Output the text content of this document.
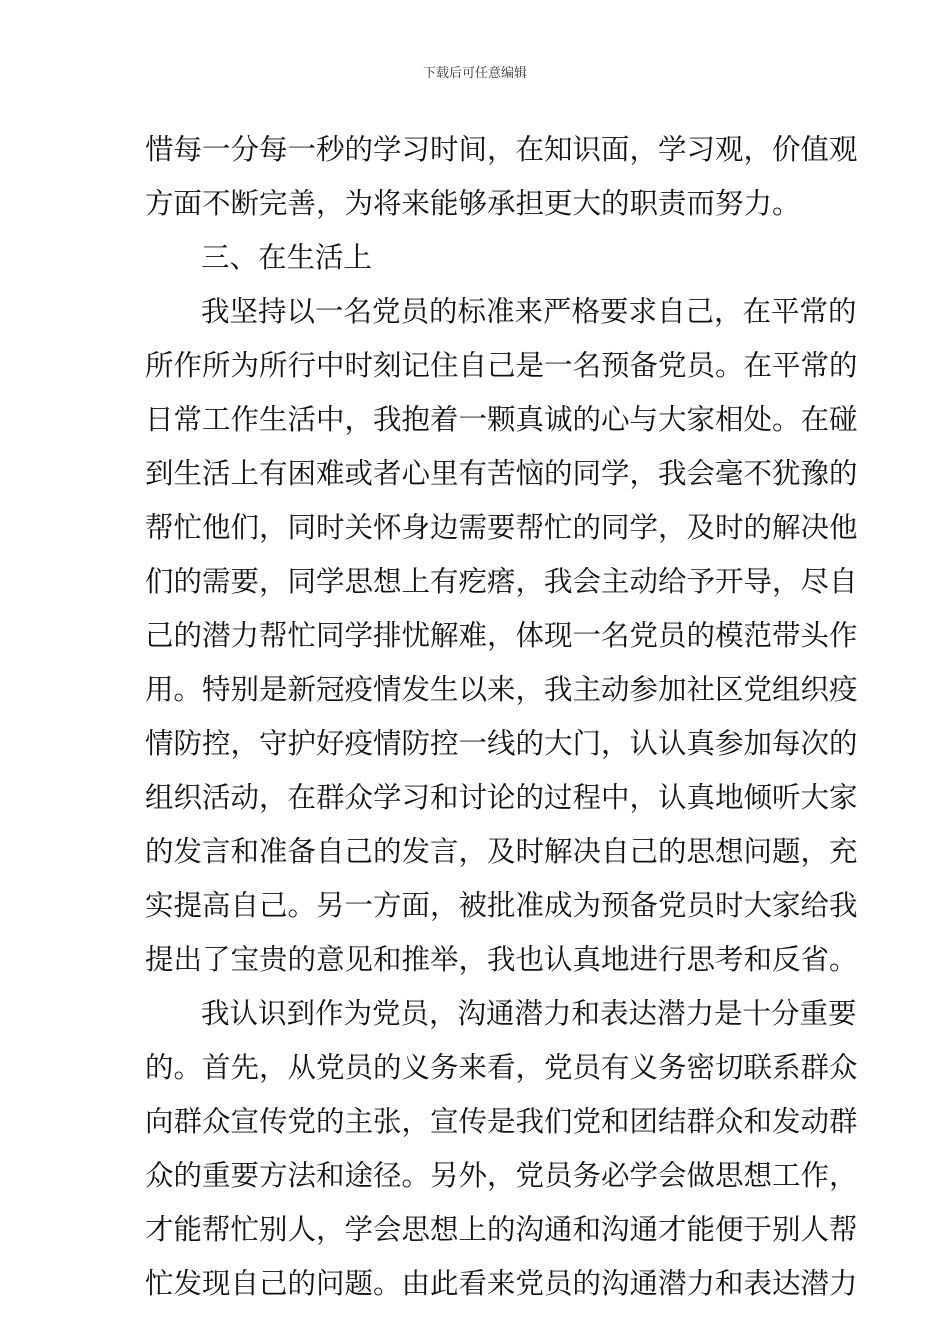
下载后可任意编辑
惜每一分每一秒的学习时间，在知识面，学习观，价值观
方面不断完善，为将来能够承担更大的职责而努力。
三、在生活上
我坚持以一名党员的标准来严格要求自己，在平常的
所作所为所行中时刻记住自己是一名预备党员。在平常的
日常工作生活中，我抱着一颗真诚的心与大家相处。在碰
到生活上有困难或者心里有苦恼的同学，我会毫不犹豫的
帮忙他们，同时关怀身边需要帮忙的同学，及时的解决他
们的需要，同学思想上有疙瘩，我会主动给予开导，尽自
己的潜力帮忙同学排忧解难，体现一名党员的模范带头作
用。特别是新冠疫情发生以来，我主动参加社区党组织疫
情防控，守护好疫情防控一线的大门，认认真参加每次的
组织活动，在群众学习和讨论的过程中，认真地倾听大家
的发言和准备自己的发言，及时解决自己的思想问题，充
实提高自己。另一方面，被批准成为预备党员时大家给我
提出了宝贵的意见和推举，我也认真地进行思考和反省。
我认识到作为党员，沟通潜力和表达潜力是十分重要
的。首先，从党员的义务来看，党员有义务密切联系群众
向群众宣传党的主张，宣传是我们党和团结群众和发动群
众的重要方法和途径。另外，党员务必学会做思想工作，
才能帮忙别人，学会思想上的沟通和沟通才能便于别人帮
忙发现自己的问题。由此看来党员的沟通潜力和表达潜力
